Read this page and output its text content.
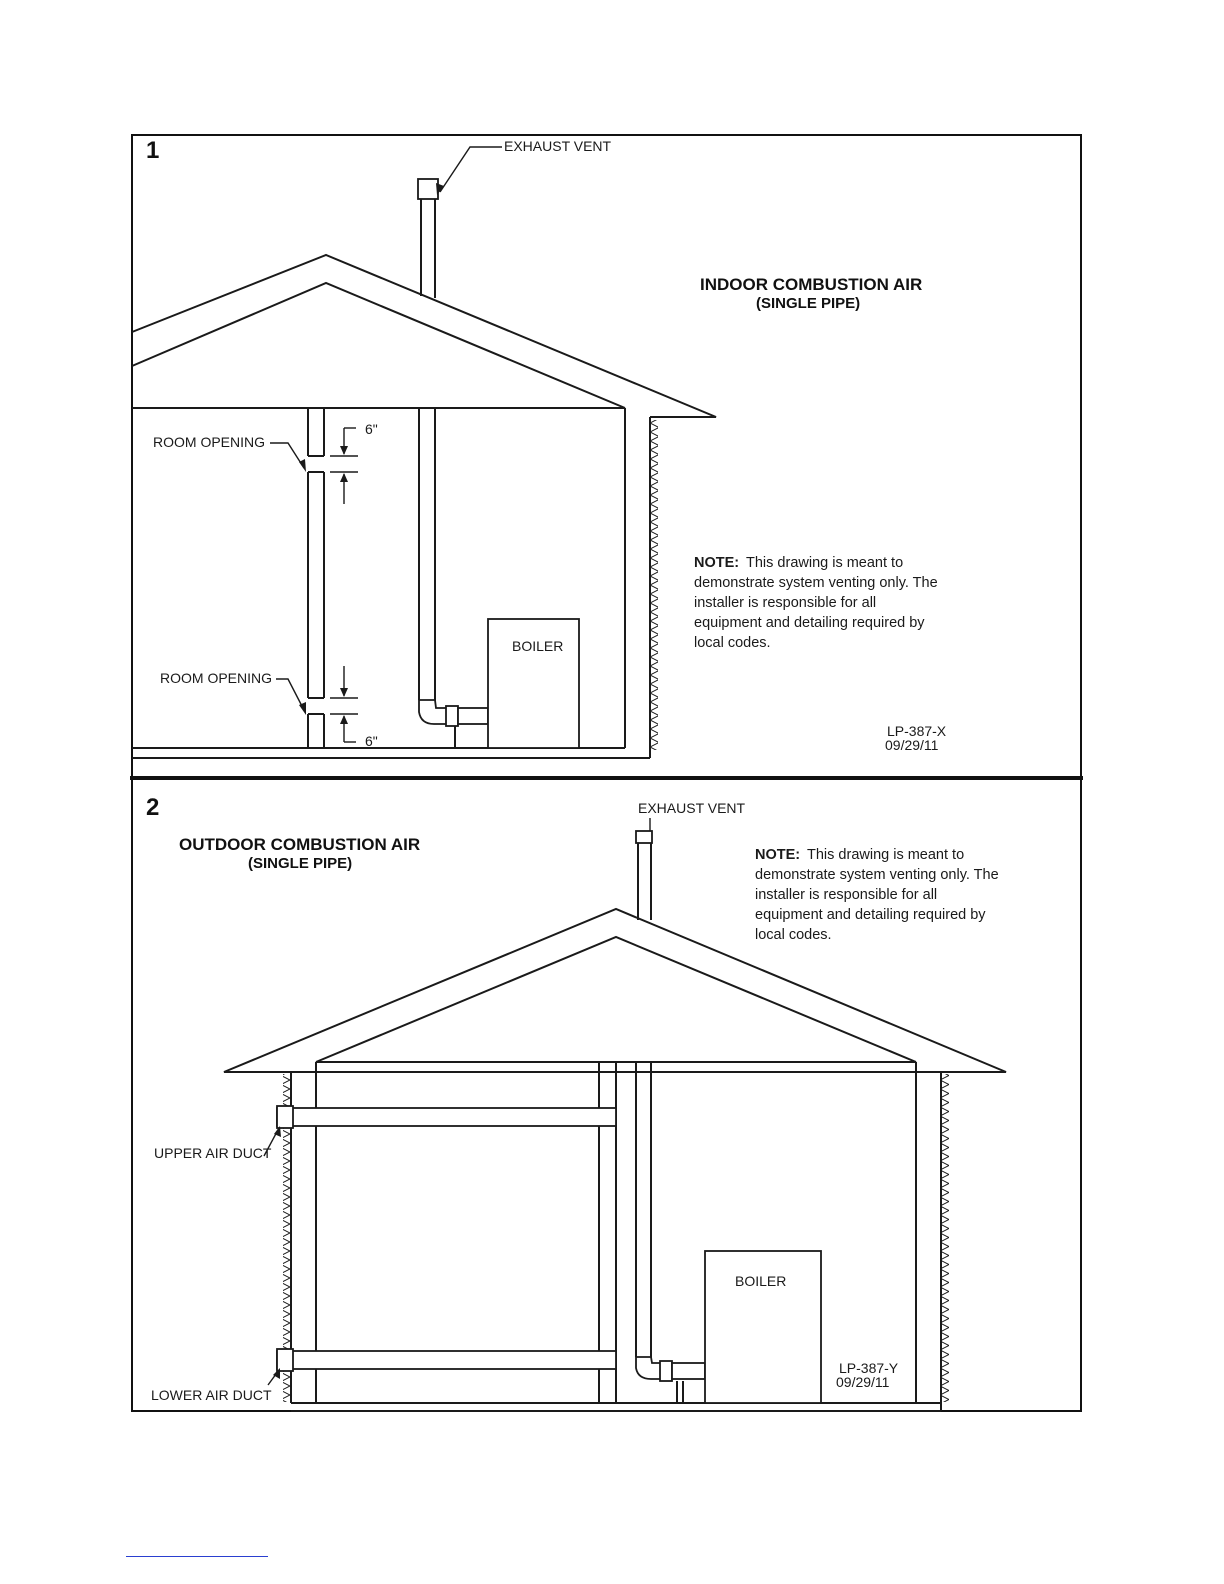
1
6"
6"
ROOM OPENING
ROOM OPENING
EXHAUST VENT
BOILER
INDOOR COMBUSTION AIR
(SINGLE PIPE)
NOTE: This drawing is meant to
demonstrate system venting only. The
installer is responsible for all
equipment and detailing required by
local codes.
LP-387-X
09/29/11
2
UPPER AIR DUCT
LOWER AIR DUCT
EXHAUST VENT
BOILER
OUTDOOR COMBUSTION AIR
(SINGLE PIPE)	NOTE: This drawing is meant to
demonstrate system venting only. The
installer is responsible for all
equipment and detailing required by
local codes.
LP-387-Y
09/29/11
